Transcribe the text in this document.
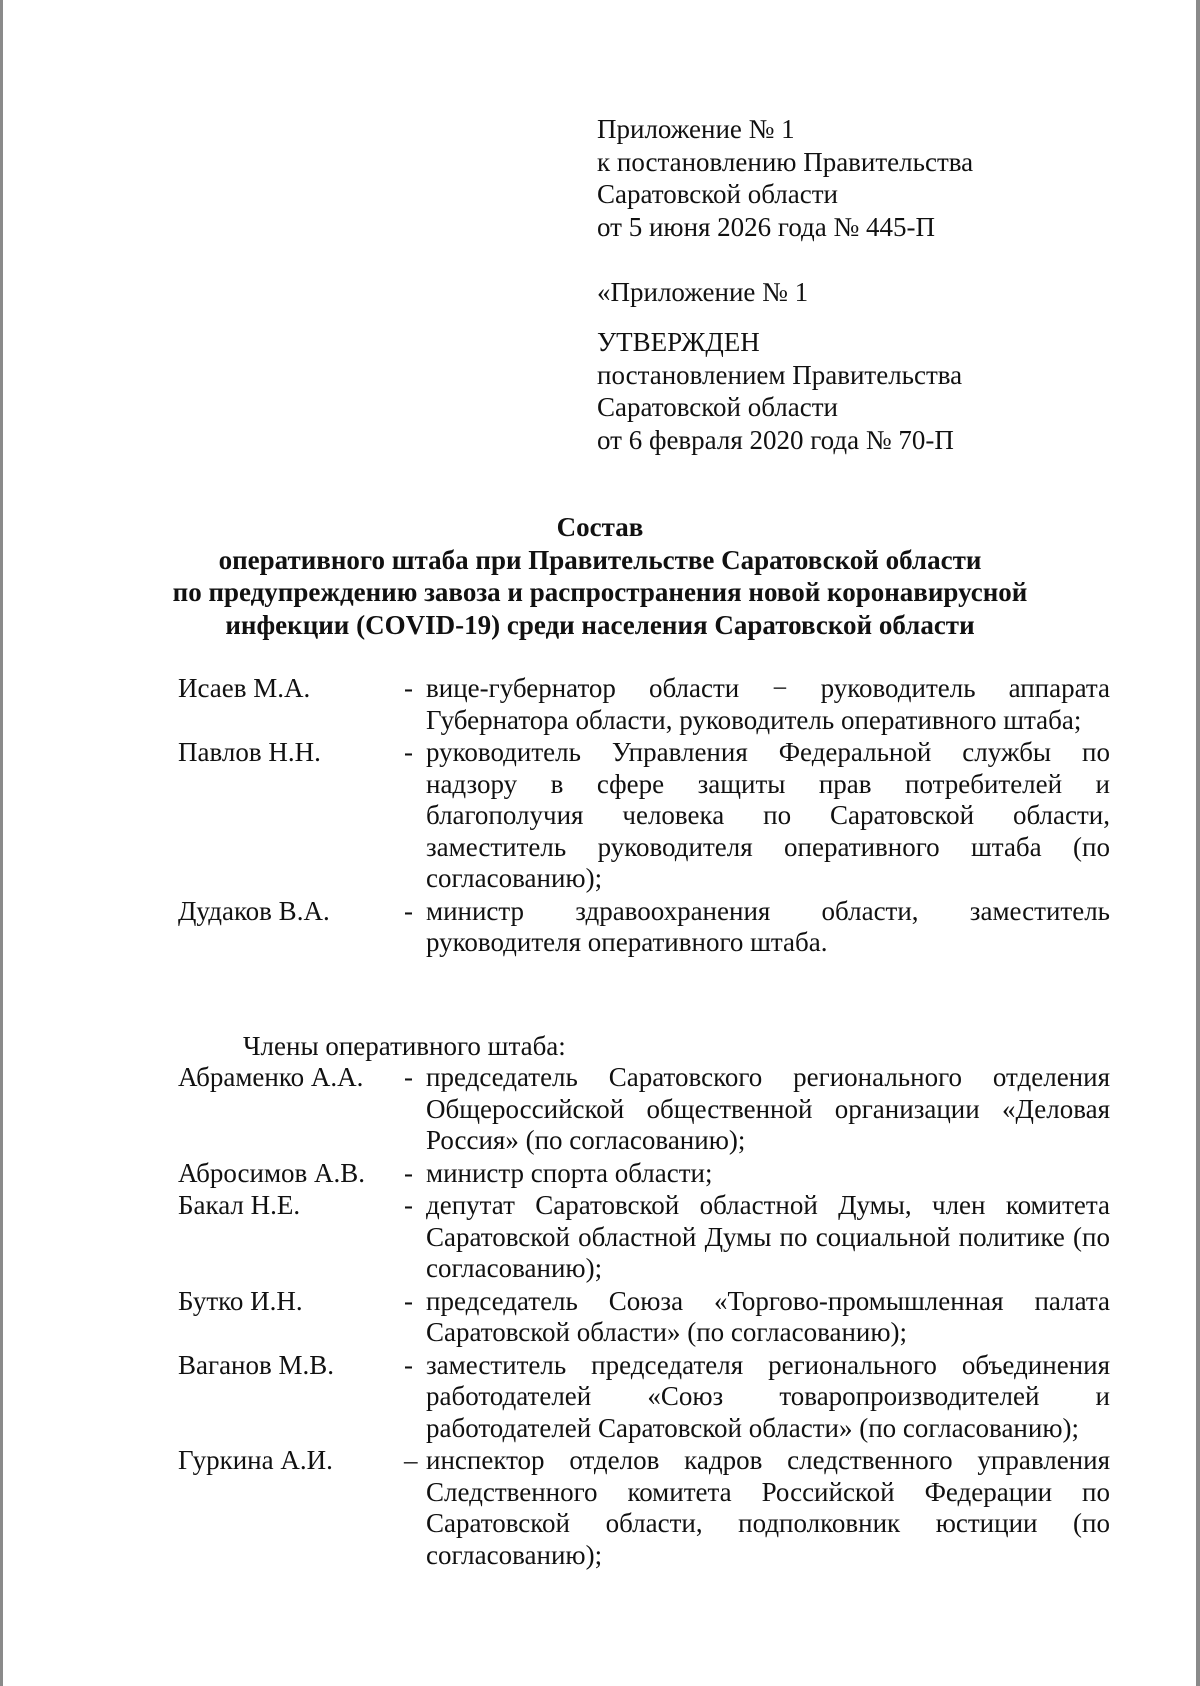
Приложение № 1
к постановлению Правительства
Саратовской области
от 5 июня 2026 года № 445-П
«Приложение № 1
УТВЕРЖДЕН
постановлением Правительства
Саратовской области
от 6 февраля 2020 года № 70-П
Состав
оперативного штаба при Правительстве Саратовской области
по предупреждению завоза и распространения новой коронавирусной
инфекции (COVID-19) среди населения Саратовской области
Исаев М.А.	- вице-губернатор области − руководитель аппарата Губернатора области, руководитель оперативного штаба;
Павлов Н.Н.	- руководитель Управления Федеральной службы по надзору в сфере защиты прав потребителей и благополучия человека по Саратовской области, заместитель руководителя оперативного штаба (по согласованию);
Дудаков В.А.	- министр здравоохранения области, заместитель руководителя оперативного штаба.
Члены оперативного штаба:
Абраменко А.А.	- председатель Саратовского регионального отделения Общероссийской общественной организации «Деловая Россия» (по согласованию);
Абросимов А.В.	- министр спорта области;
Бакал Н.Е.	- депутат Саратовской областной Думы, член комитета Саратовской областной Думы по социальной политике (по согласованию);
Бутко И.Н.	- председатель Союза «Торгово-промышленная палата Саратовской области» (по согласованию);
Ваганов М.В.	- заместитель председателя регионального объединения работодателей «Союз товаропроизводителей и работодателей Саратовской области» (по согласованию);
Гуркина А.И.	– инспектор отделов кадров следственного управления Следственного комитета Российской Федерации по Саратовской области, подполковник юстиции (по согласованию);
